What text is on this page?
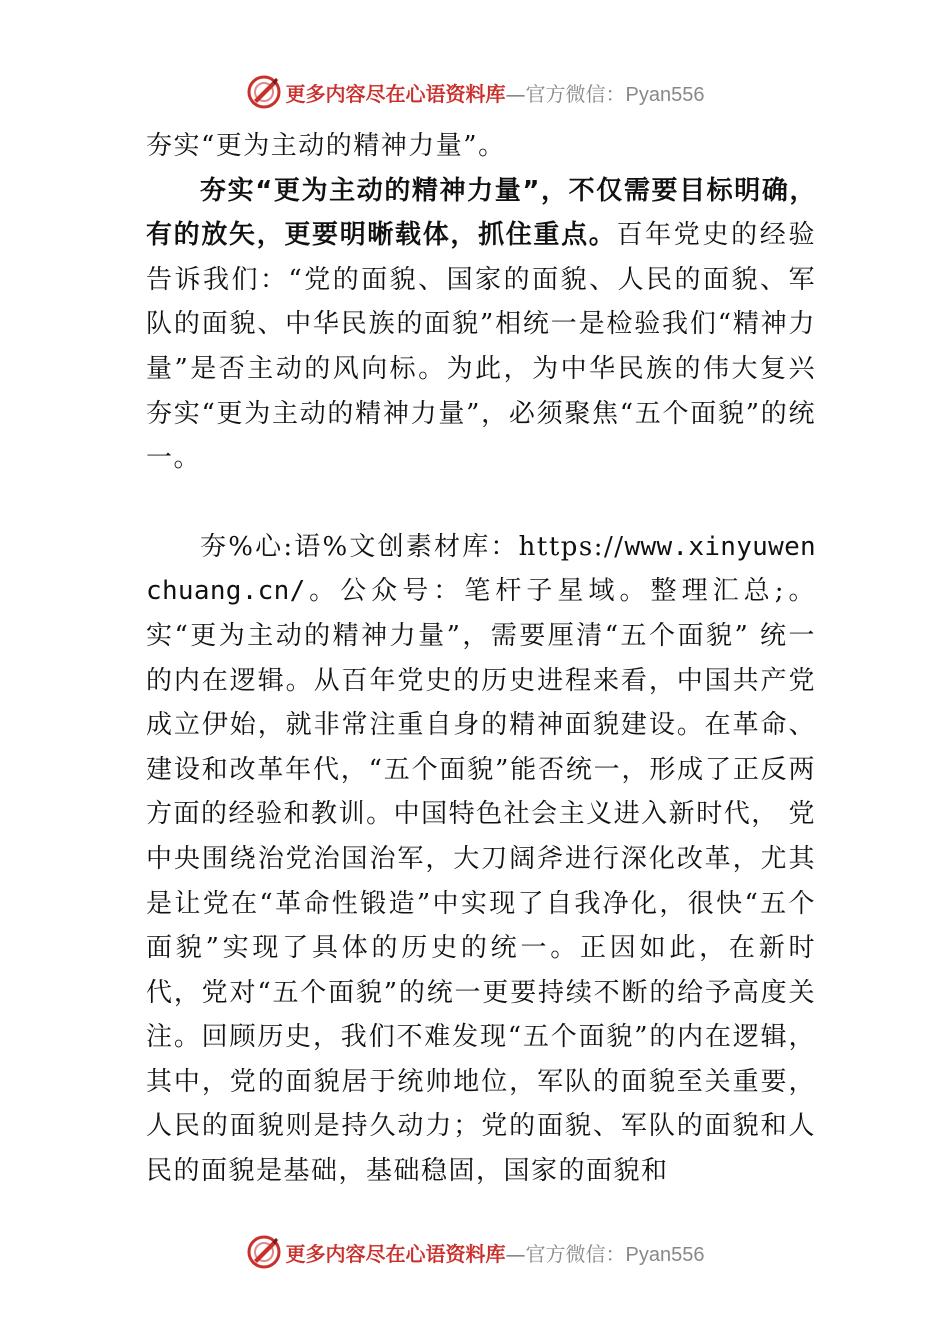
更多内容尽在心语资料库—官方微信：Pyan556

夯实“更为主动的精神力量”。

夯实“更为主动的精神力量”，不仅需要目标明确，有的放矢，更要明晰载体，抓住重点。百年党史的经验告诉我们：“党的面貌、国家的面貌、人民的面貌、军队的面貌、中华民族的面貌”相统一是检验我们“精神力量”是否主动的风向标。为此，为中华民族的伟大复兴夯实“更为主动的精神力量”，必须聚焦“五个面貌”的统一。

夯%心:语%文创素材库：https://www.xinyuwenchuang.cn/。公众号：笔杆子星域。整理汇总;。实“更为主动的精神力量”，需要厘清“五个面貌” 统一的内在逻辑。从百年党史的历史进程来看，中国共产党成立伊始，就非常注重自身的精神面貌建设。在革命、建设和改革年代，“五个面貌”能否统一，形成了正反两方面的经验和教训。中国特色社会主义进入新时代， 党中央围绕治党治国治军，大刀阔斧进行深化改革，尤其是让党在“革命性锻造”中实现了自我净化，很快“五个面貌”实现了具体的历史的统一。正因如此，在新时代，党对“五个面貌”的统一更要持续不断的给予高度关注。回顾历史，我们不难发现“五个面貌”的内在逻辑，其中，党的面貌居于统帅地位，军队的面貌至关重要，人民的面貌则是持久动力；党的面貌、军队的面貌和人民的面貌是基础，基础稳固，国家的面貌和

更多内容尽在心语资料库—官方微信：Pyan556
